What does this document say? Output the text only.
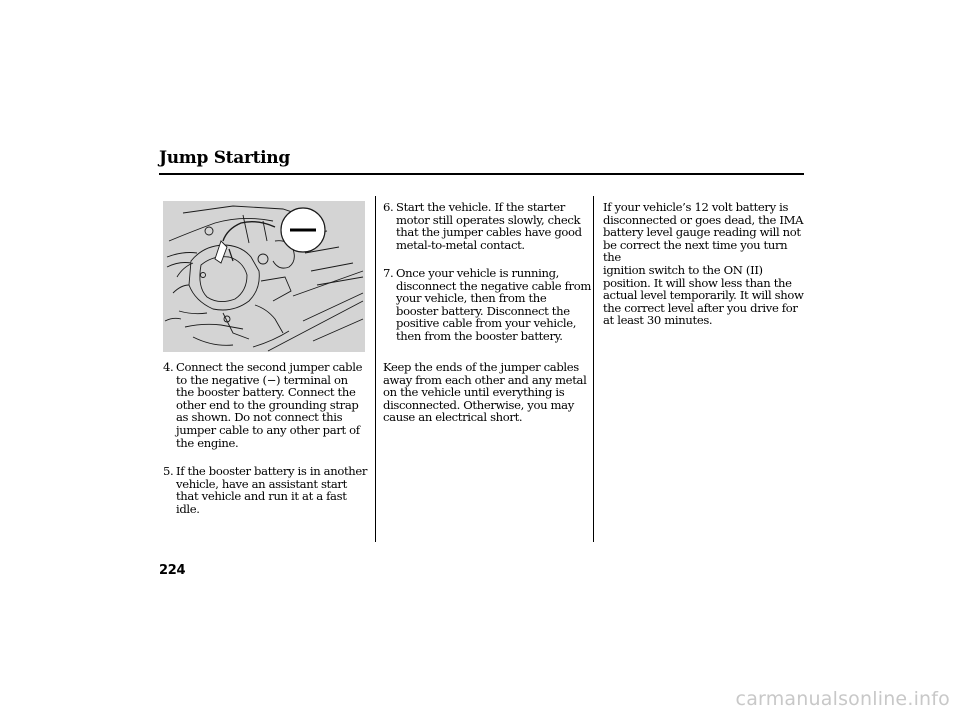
Jump Starting
4. Connect the second jumper cable
to the negative (−) terminal on
the booster battery. Connect the
other end to the grounding strap
as shown. Do not connect this
jumper cable to any other part of
the engine.
5. If the booster battery is in another
vehicle, have an assistant start
that vehicle and run it at a fast idle.
6. Start the vehicle. If the starter
motor still operates slowly, check
that the jumper cables have good
metal-to-metal contact.
7. Once your vehicle is running,
disconnect the negative cable from
your vehicle, then from the
booster battery. Disconnect the
positive cable from your vehicle,
then from the booster battery.
Keep the ends of the jumper cables
away from each other and any metal
on the vehicle until everything is
disconnected. Otherwise, you may
cause an electrical short.
If your vehicle’s 12 volt battery is
disconnected or goes dead, the IMA
battery level gauge reading will not
be correct the next time you turn the
ignition switch to the ON (II)
position. It will show less than the
actual level temporarily. It will show
the correct level after you drive for
at least 30 minutes.
224
carmanualsonline.info
